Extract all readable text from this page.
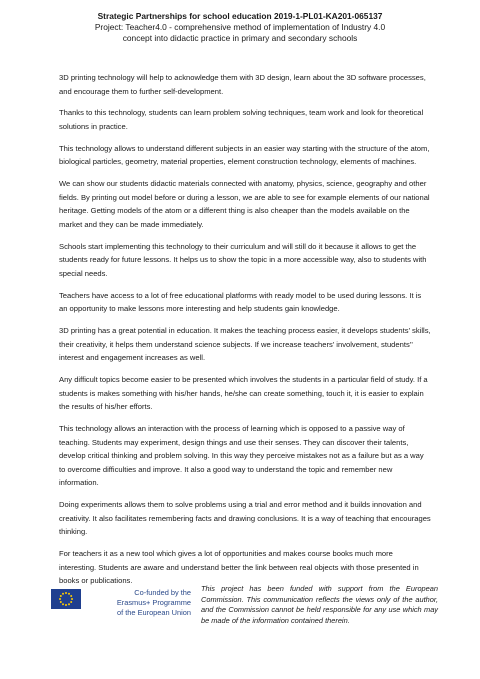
Strategic Partnerships for school education 2019-1-PL01-KA201-065137
Project: Teacher4.0 - comprehensive method of implementation of Industry 4.0
concept into didactic practice in primary and secondary schools

3D printing technology will help to acknowledge them with 3D design, learn about the 3D software processes, and encourage them to further self-development.

Thanks to this technology, students can learn problem solving techniques, team work and look for theoretical solutions in practice.

This technology allows to understand different subjects in an easier way starting with the structure of the atom, biological particles, geometry, material properties, element construction technology, elements of machines.

We can show our students didactic materials connected with anatomy, physics, science, geography and other fields. By printing out model before or during a lesson, we are able to see for example elements of our national heritage. Getting models of the atom or a different thing is also cheaper than the models available on the market and they can be made immediately.

Schools start implementing this technology to their curriculum and will still do it because it allows to get the students ready for future lessons. It helps us to show the topic in a more accessible way, also to students with special needs.

Teachers have access to a lot of free educational platforms with ready model to be used during lessons. It is an opportunity to make lessons more interesting and help students gain knowledge.

3D printing has a great potential in education. It makes the teaching process easier, it develops students’ skills, their creativity, it helps them understand science subjects. If we increase teachers’ involvement, students’’ interest and engagement increases as well.

Any difficult topics become easier to be presented which involves the students in a particular field of study. If a students is makes something with his/her hands, he/she can create something, touch it, it is easier to explain the results of his/her efforts.

This technology allows an interaction with the process of learning which is opposed to a passive way of teaching. Students may experiment, design things and use their senses. They can discover their talents, develop critical thinking and problem solving. In this way they perceive mistakes not as a failure but as a way to overcome difficulties and improve. It also a good way to understand the topic and remember new information.

Doing experiments allows them to solve problems using a trial and error method and it builds innovation and creativity. It also facilitates remembering facts and drawing conclusions. It is a way of teaching that encourages thinking.

For teachers it as a new tool which gives a lot of opportunities and makes course books much more interesting. Students are aware and understand better the link between real objects with those presented in books or publications.

Co-funded by the
Erasmus+ Programme
of the European Union
This project has been funded with support from the European Commission. This communication reflects the views only of the author, and the Commission cannot be held responsible for any use which may be made of the information contained therein.
